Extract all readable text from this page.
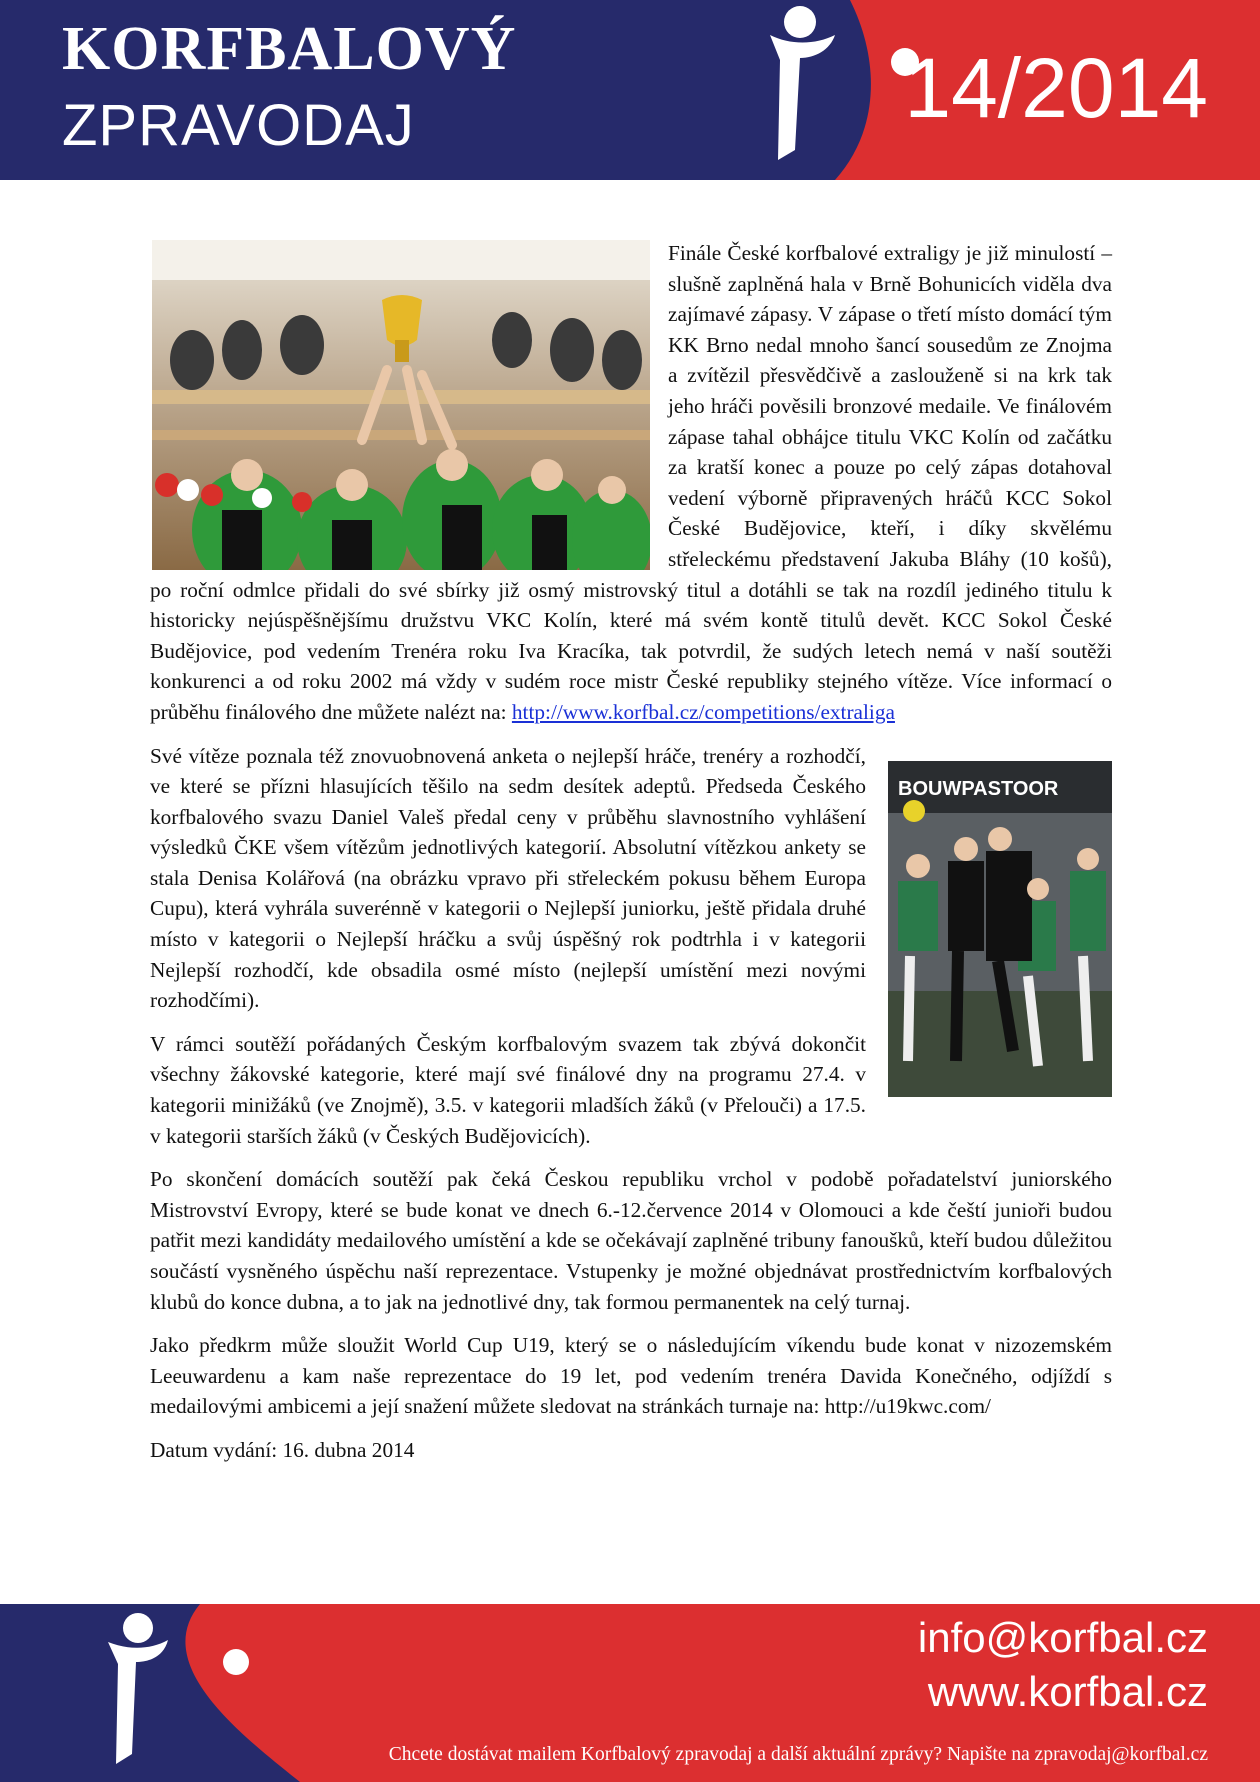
KORFBALOVÝ
ZPRAVODAJ	14/2014

Finále České korfbalové extraligy je již minulostí – slušně zaplněná hala v Brně Bohunicích viděla dva zajímavé zápasy. V zápase o třetí místo domácí tým KK Brno nedal mnoho šancí sousedům ze Znojma a zvítězil přesvědčivě a zaslouženě si na krk tak jeho hráči pověsili bronzové medaile. Ve finálovém zápase tahal obhájce titulu VKC Kolín od začátku za kratší konec a pouze po celý zápas dotahoval vedení výborně připravených hráčů KCC Sokol České Budějovice, kteří, i díky skvělému střeleckému představení Jakuba Bláhy (10 košů), po roční odmlce přidali do své sbírky již osmý mistrovský titul a dotáhli se tak na rozdíl jediného titulu k historicky nejúspěšnějšímu družstvu VKC Kolín, které má svém kontě titulů devět. KCC Sokol České Budějovice, pod vedením Trenéra roku Iva Kracíka, tak potvrdil, že sudých letech nemá v naší soutěži konkurenci a od roku 2002 má vždy v sudém roce mistr České republiky stejného vítěze. Více informací o průběhu finálového dne můžete nalézt na: http://www.korfbal.cz/competitions/extraliga

BOUWPASTOOR

Své vítěze poznala též znovuobnovená anketa o nejlepší hráče, trenéry a rozhodčí, ve které se přízni hlasujících těšilo na sedm desítek adeptů. Předseda Českého korfbalového svazu Daniel Valeš předal ceny v průběhu slavnostního vyhlášení výsledků ČKE všem vítězům jednotlivých kategorií. Absolutní vítězkou ankety se stala Denisa Kolářová (na obrázku vpravo při střeleckém pokusu během Europa Cupu), která vyhrála suverénně v kategorii o Nejlepší juniorku, ještě přidala druhé místo v kategorii o Nejlepší hráčku a svůj úspěšný rok podtrhla i v kategorii Nejlepší rozhodčí, kde obsadila osmé místo (nejlepší umístění mezi novými rozhodčími).

V rámci soutěží pořádaných Českým korfbalovým svazem tak zbývá dokončit všechny žákovské kategorie, které mají své finálové dny na programu 27.4. v kategorii minižáků (ve Znojmě), 3.5. v kategorii mladších žáků (v Přelouči) a 17.5. v kategorii starších žáků (v Českých Budějovicích).

Po skončení domácích soutěží pak čeká Českou republiku vrchol v podobě pořadatelství juniorského Mistrovství Evropy, které se bude konat ve dnech 6.-12.července 2014 v Olomouci a kde čeští junioři budou patřit mezi kandidáty medailového umístění a kde se očekávají zaplněné tribuny fanoušků, kteří budou důležitou součástí vysněného úspěchu naší reprezentace. Vstupenky je možné objednávat prostřednictvím korfbalových klubů do konce dubna, a to jak na jednotlivé dny, tak formou permanentek na celý turnaj.

Jako předkrm může sloužit World Cup U19, který se o následujícím víkendu bude konat v nizozemském Leeuwardenu a kam naše reprezentace do 19 let, pod vedením trenéra Davida Konečného, odjíždí s medailovými ambicemi a její snažení můžete sledovat na stránkách turnaje na: http://u19kwc.com/

Datum vydání: 16. dubna 2014

info@korfbal.cz
www.korfbal.cz
Chcete dostávat mailem Korfbalový zpravodaj a další aktuální zprávy? Napište na zpravodaj@korfbal.cz
